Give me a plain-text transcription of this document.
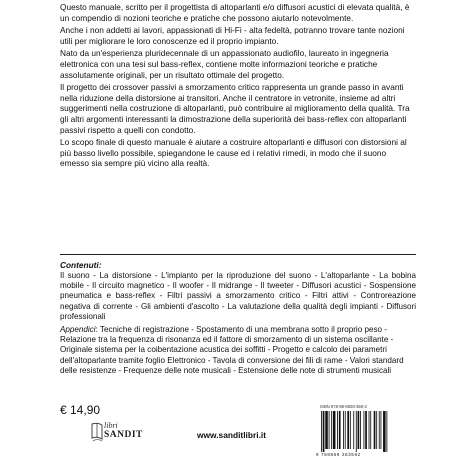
Questo manuale, scritto per il progettista di altoparlanti e/o diffusori acustici di elevata qualità, è un compendio di nozioni teoriche e pratiche che possono aiutarlo notevolmente.

Anche i non addetti ai lavori, appassionati di Hi-Fi - alta fedeltà, potranno trovare tante nozioni utili per migliorare le loro conoscenze ed il proprio impianto.

Nato da un'esperienza pluridecennale di un appassionato audiofilo, laureato in ingegneria elettronica con una tesi sul bass-reflex, contiene molte informazioni teoriche e pratiche assolutamente originali, per un risultato ottimale del progetto.

Il progetto dei crossover passivi a smorzamento critico rappresenta un grande passo in avanti nella riduzione della distorsione ai transitori. Anche il centratore in vetronite, insieme ad altri suggerimenti nella costruzione di altoparlanti, può contribuire al miglioramento della qualità. Tra gli altri argomenti interessanti la dimostrazione della superiorità dei bass-reflex con altoparlanti passivi rispetto a quelli con condotto.

Lo scopo finale di questo manuale è aiutare a costruire altoparlanti e diffusori con distorsioni al più basso livello possibile, spiegandone le cause ed i relativi rimedi, in modo che il suono emesso sia sempre più vicino alla realtà.

Contenuti:

Il suono - La distorsione - L'impianto per la riproduzione del suono - L'altoparlante - La bobina mobile - Il circuito magnetico - Il woofer - Il midrange - Il tweeter - Diffusori acustici - Sospensione pneumatica e bass-reflex - Filtri passivi a smorzamento critico - Filtri attivi - Controreazione negativa di corrente - Gli ambienti d'ascolto - La valutazione della qualità degli impianti - Diffusori professionali

Appendici: Tecniche di registrazione - Spostamento di una membrana sotto il proprio peso - Relazione tra la frequenza di risonanza ed il fattore di smorzamento di un sistema oscillante - Originale sistema per la coibentazione acustica dei soffitti - Progetto e calcolo dei parametri dell'altoparlante tramite foglio Elettronico - Tavola di conversione dei fili di rame - Valori standard delle resistenze - Frequenze delle note musicali - Estensione delle note di strumenti musicali

€ 14,90
libri
SANDIT	www.sanditlibri.it
ISBN 978-88-6928-359-2
9 788869 283592
